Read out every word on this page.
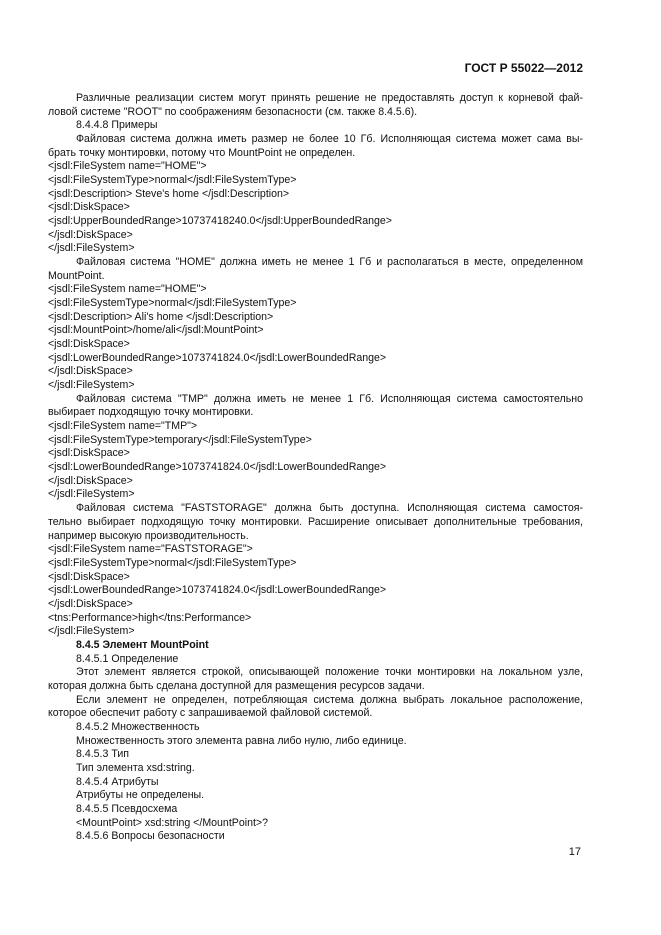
ГОСТ Р 55022—2012
Различные реализации систем могут принять решение не предоставлять доступ к корневой фай-
ловой системе "ROOT" по соображениям безопасности (см. также 8.4.5.6).
8.4.4.8 Примеры
Файловая система должна иметь размер не более 10 Гб. Исполняющая система может сама вы-
брать точку монтировки, потому что MountPoint не определен.
<jsdl:FileSystem name="HOME">
<jsdl:FileSystemType>normal</jsdl:FileSystemType>
<jsdl:Description> Steve's home </jsdl:Description>
<jsdl:DiskSpace>
<jsdl:UpperBoundedRange>10737418240.0</jsdl:UpperBoundedRange>
</jsdl:DiskSpace>
</jsdl:FileSystem>
Файловая система "HOME" должна иметь не менее 1 Гб и располагаться в месте, определенном
MountPoint.
<jsdl:FileSystem name="HOME">
<jsdl:FileSystemType>normal</jsdl:FileSystemType>
<jsdl:Description> Ali's home </jsdl:Description>
<jsdl:MountPoint>/home/ali</jsdl:MountPoint>
<jsdl:DiskSpace>
<jsdl:LowerBoundedRange>1073741824.0</jsdl:LowerBoundedRange>
</jsdl:DiskSpace>
</jsdl:FileSystem>
Файловая система "TMP" должна иметь не менее 1 Гб. Исполняющая система самостоятельно
выбирает подходящую точку монтировки.
<jsdl:FileSystem name="TMP">
<jsdl:FileSystemType>temporary</jsdl:FileSystemType>
<jsdl:DiskSpace>
<jsdl:LowerBoundedRange>1073741824.0</jsdl:LowerBoundedRange>
</jsdl:DiskSpace>
</jsdl:FileSystem>
Файловая система "FASTSTORAGE" должна быть доступна. Исполняющая система самостоя-
тельно выбирает подходящую точку монтировки. Расширение описывает дополнительные требования,
например высокую производительность.
<jsdl:FileSystem name="FASTSTORAGE">
<jsdl:FileSystemType>normal</jsdl:FileSystemType>
<jsdl:DiskSpace>
<jsdl:LowerBoundedRange>1073741824.0</jsdl:LowerBoundedRange>
</jsdl:DiskSpace>
<tns:Performance>high</tns:Performance>
</jsdl:FileSystem>
8.4.5 Элемент MountPoint
8.4.5.1 Определение
Этот элемент является строкой, описывающей положение точки монтировки на локальном узле,
которая должна быть сделана доступной для размещения ресурсов задачи.
Если элемент не определен, потребляющая система должна выбрать локальное расположение,
которое обеспечит работу с запрашиваемой файловой системой.
8.4.5.2 Множественность
Множественность этого элемента равна либо нулю, либо единице.
8.4.5.3 Тип
Тип элемента xsd:string.
8.4.5.4 Атрибуты
Атрибуты не определены.
8.4.5.5 Псевдосхема
<MountPoint> xsd:string </MountPoint>?
8.4.5.6 Вопросы безопасности
17
